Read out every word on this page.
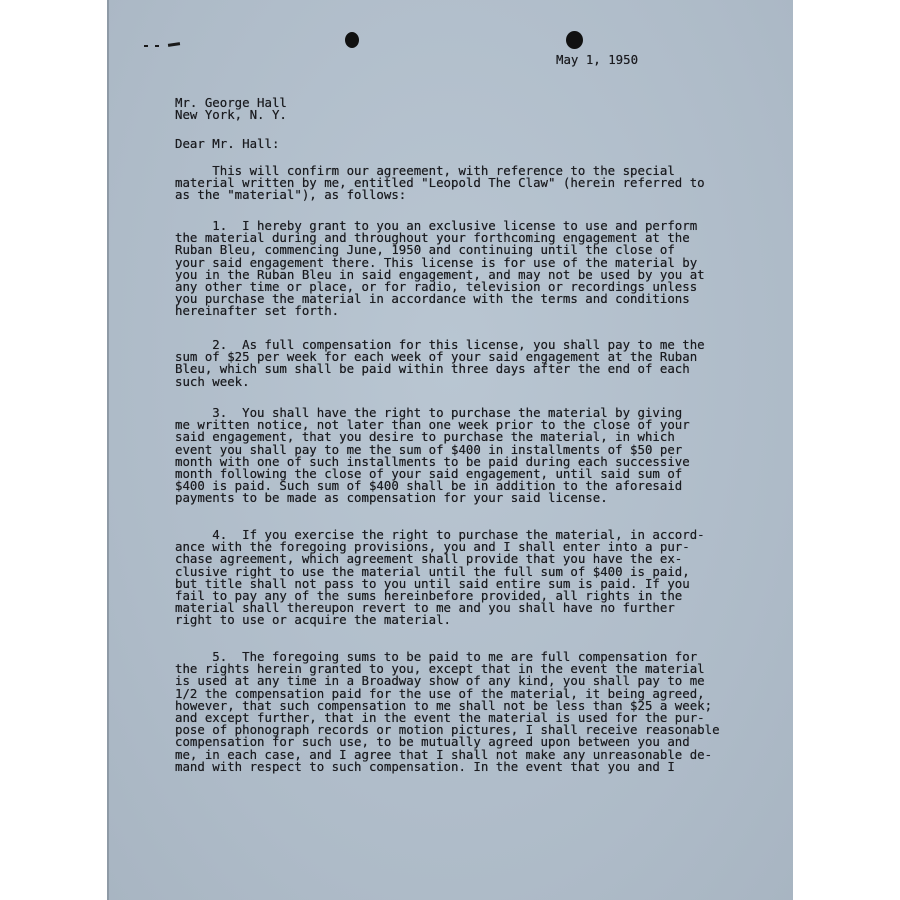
May 1, 1950
Mr. George Hall
New York, N. Y.
Dear Mr. Hall:
This will confirm our agreement, with reference to the special
material written by me, entitled "Leopold The Claw" (herein referred to
as the "material"), as follows:
1.  I hereby grant to you an exclusive license to use and perform
the material during and throughout your forthcoming engagement at the
Ruban Bleu, commencing June, 1950 and continuing until the close of
your said engagement there. This license is for use of the material by
you in the Ruban Bleu in said engagement, and may not be used by you at
any other time or place, or for radio, television or recordings unless
you purchase the material in accordance with the terms and conditions
hereinafter set forth.
2.  As full compensation for this license, you shall pay to me the
sum of $25 per week for each week of your said engagement at the Ruban
Bleu, which sum shall be paid within three days after the end of each
such week.
3.  You shall have the right to purchase the material by giving
me written notice, not later than one week prior to the close of your
said engagement, that you desire to purchase the material, in which
event you shall pay to me the sum of $400 in installments of $50 per
month with one of such installments to be paid during each successive
month following the close of your said engagement, until said sum of
$400 is paid. Such sum of $400 shall be in addition to the aforesaid
payments to be made as compensation for your said license.
4.  If you exercise the right to purchase the material, in accord-
ance with the foregoing provisions, you and I shall enter into a pur-
chase agreement, which agreement shall provide that you have the ex-
clusive right to use the material until the full sum of $400 is paid,
but title shall not pass to you until said entire sum is paid. If you
fail to pay any of the sums hereinbefore provided, all rights in the
material shall thereupon revert to me and you shall have no further
right to use or acquire the material.
5.  The foregoing sums to be paid to me are full compensation for
the rights herein granted to you, except that in the event the material
is used at any time in a Broadway show of any kind, you shall pay to me
1/2 the compensation paid for the use of the material, it being agreed,
however, that such compensation to me shall not be less than $25 a week;
and except further, that in the event the material is used for the pur-
pose of phonograph records or motion pictures, I shall receive reasonable
compensation for such use, to be mutually agreed upon between you and
me, in each case, and I agree that I shall not make any unreasonable de-
mand with respect to such compensation. In the event that you and I
